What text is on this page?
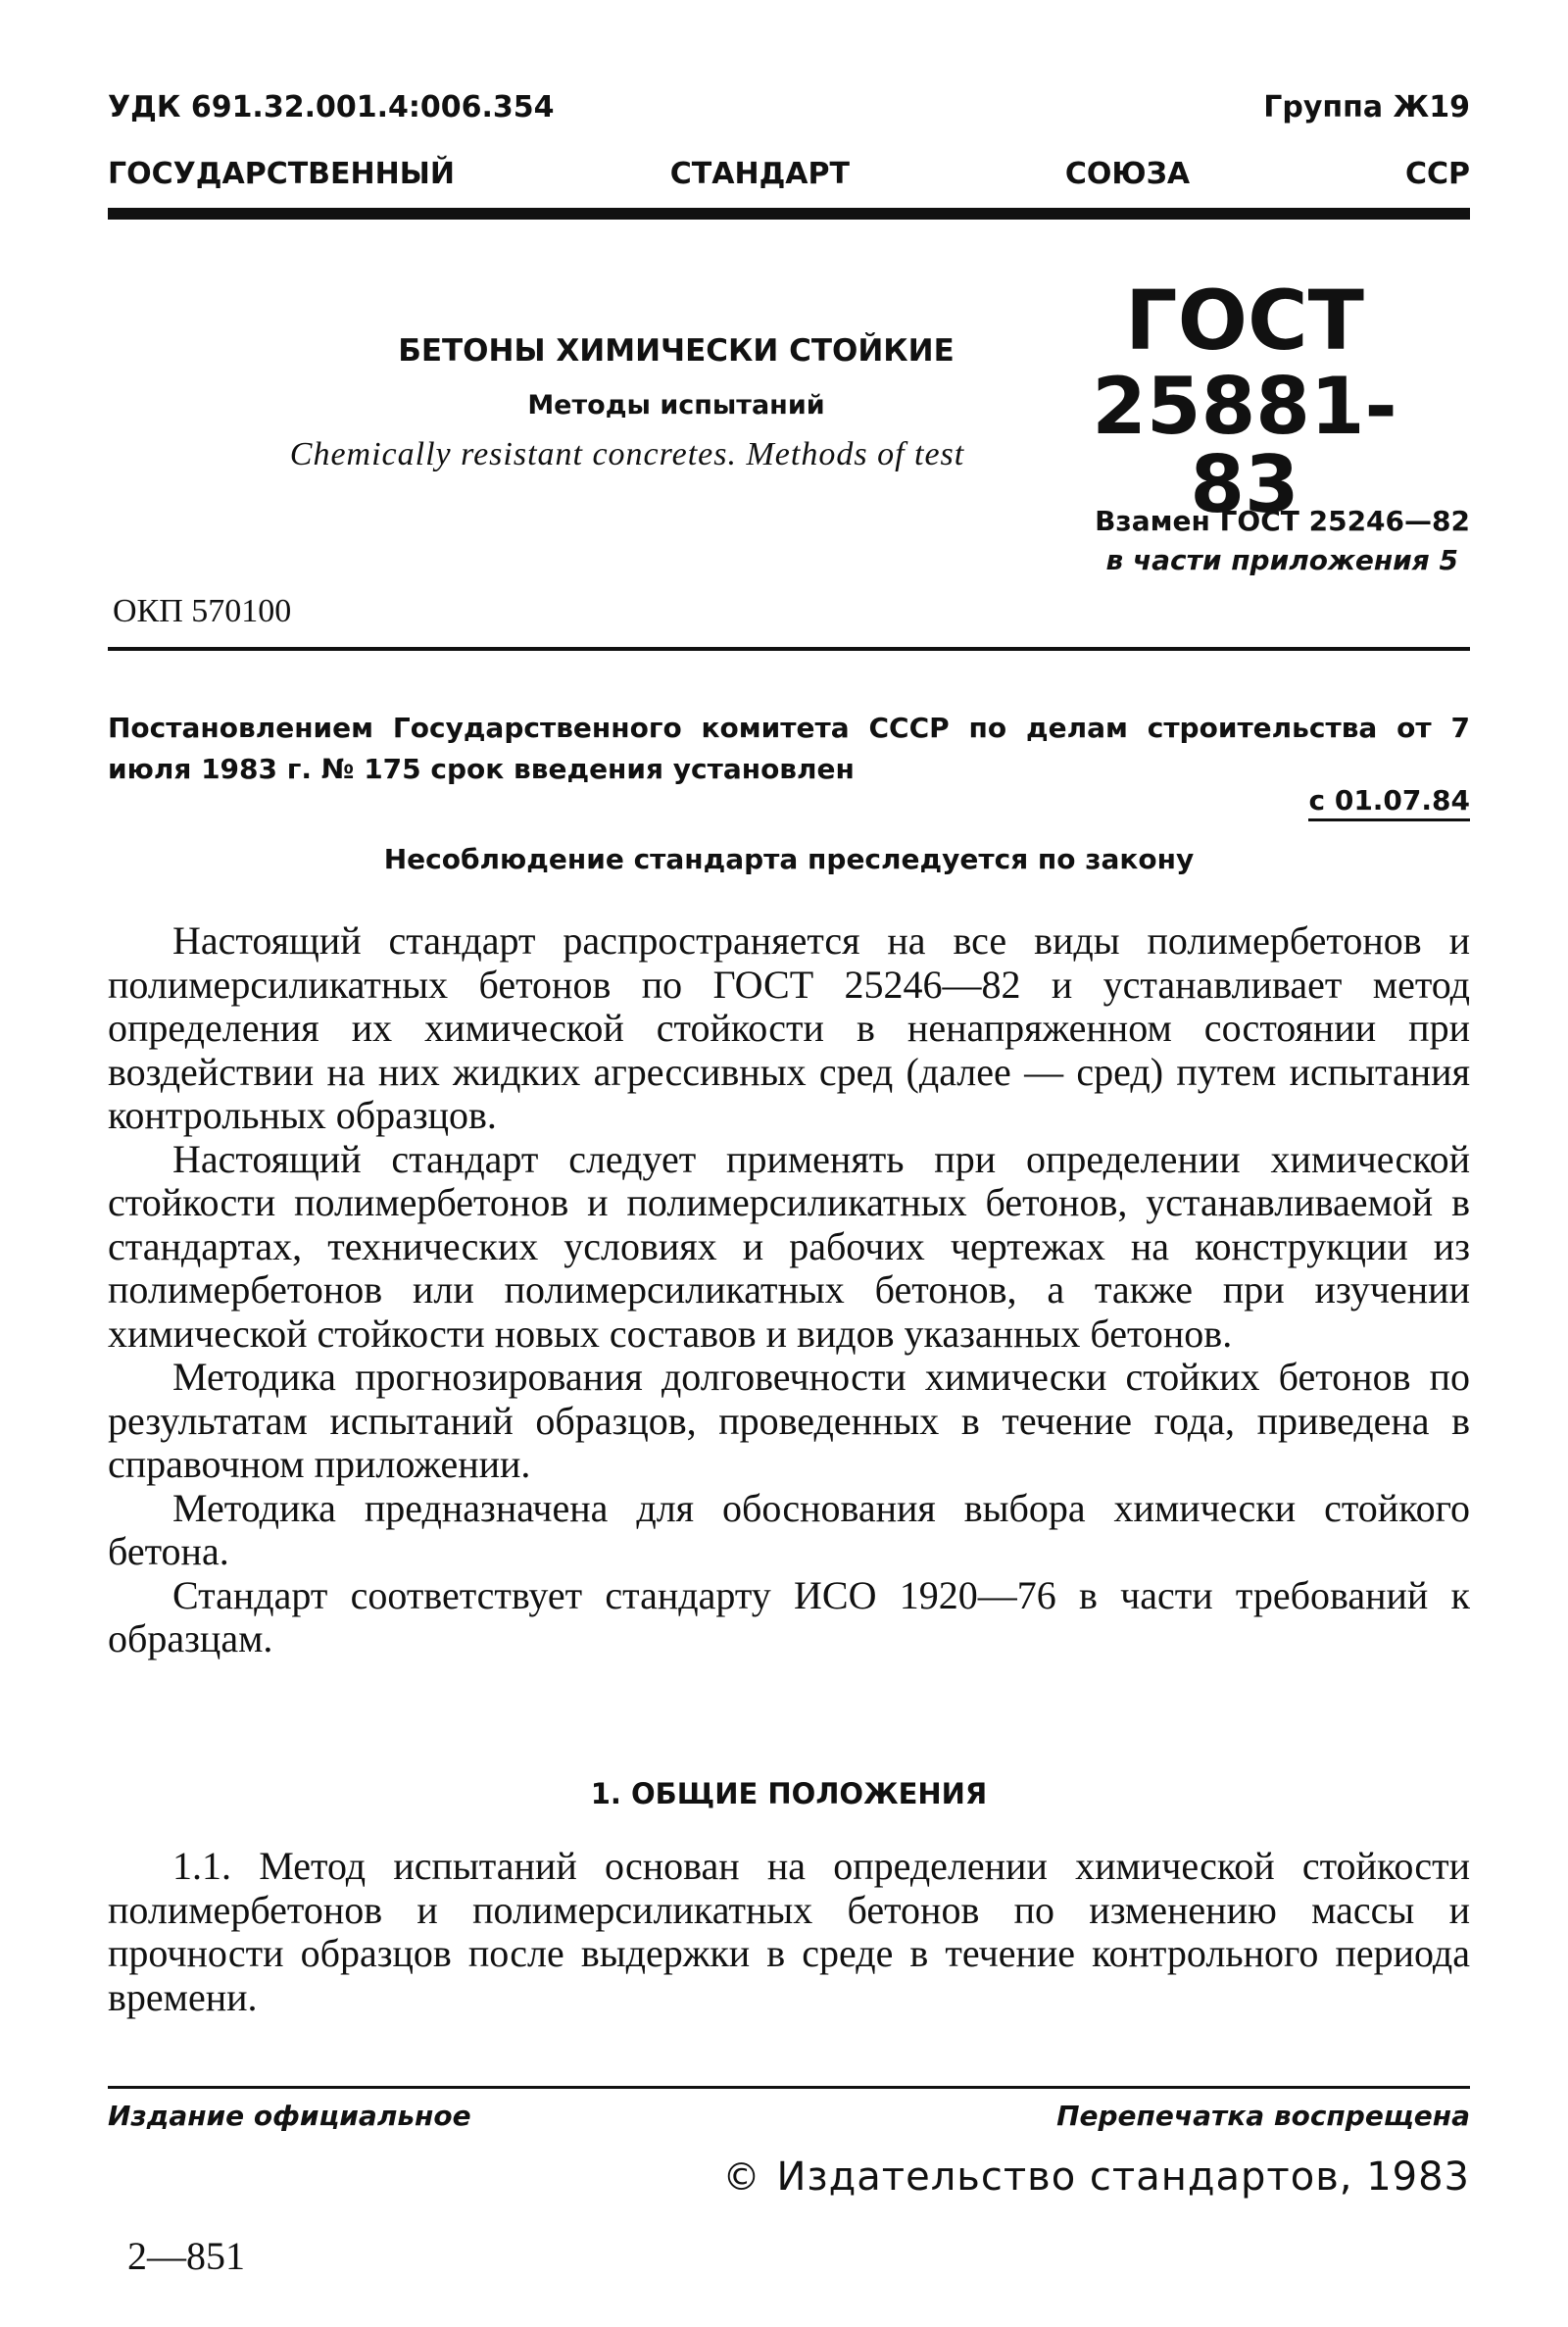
УДК 691.32.001.4:006.354	Группа Ж19
ГОСУДАРСТВЕННЫЙ	СТАНДАРТ	СОЮЗА	ССР
БЕТОНЫ ХИМИЧЕСКИ СТОЙКИЕ
Методы испытаний
Chemically resistant concretes. Methods of test
ГОСТ
25881-83
Взамен ГОСТ 25246—82
в части приложения 5
ОКП 570100
Постановлением Государственного комитета СССР по делам строительства от 7 июля 1983 г. № 175 срок введения установлен
с 01.07.84
Несоблюдение стандарта преследуется по закону

Настоящий стандарт распространяется на все виды полимербетонов и полимерсиликатных бетонов по ГОСТ 25246—82 и устанавливает метод определения их химической стойкости в ненапряженном состоянии при воздействии на них жидких агрессивных сред (далее — сред) путем испытания контрольных образцов.

Настоящий стандарт следует применять при определении химической стойкости полимербетонов и полимерсиликатных бетонов, устанавливаемой в стандартах, технических условиях и рабочих чертежах на конструкции из полимербетонов или полимерсиликатных бетонов, а также при изучении химической стойкости новых составов и видов указанных бетонов.

Методика прогнозирования долговечности химически стойких бетонов по результатам испытаний образцов, проведенных в течение года, приведена в справочном приложении.

Методика предназначена для обоснования выбора химически стойкого бетона.

Стандарт соответствует стандарту ИСО 1920—76 в части требований к образцам.

1. ОБЩИЕ ПОЛОЖЕНИЯ

1.1. Метод испытаний основан на определении химической стойкости полимербетонов и полимерсиликатных бетонов по изменению массы и прочности образцов после выдержки в среде в течение контрольного периода времени.

Издание официальное	Перепечатка воспрещена
© Издательство стандартов, 1983
2—851
